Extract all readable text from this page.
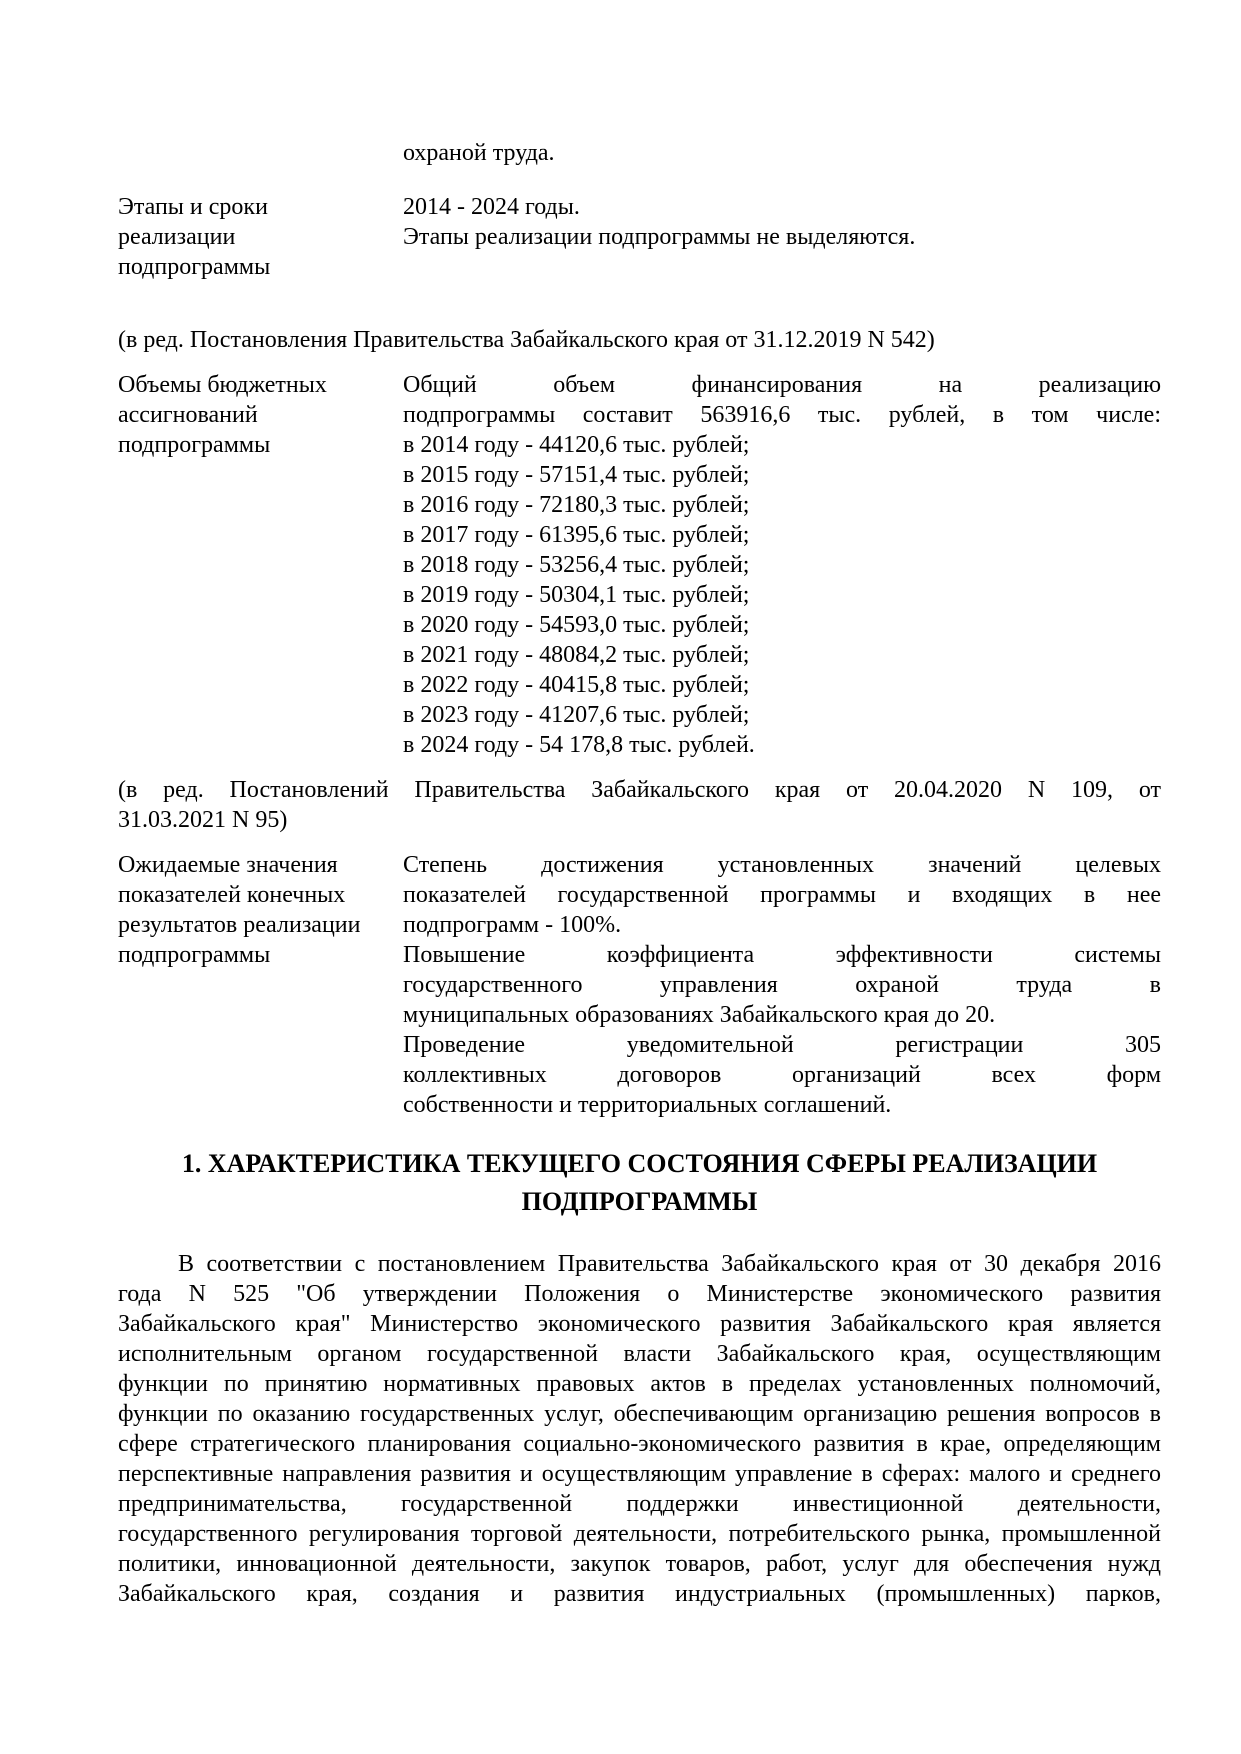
охраной труда.
Этапы и сроки реализации подпрограммы
2014 - 2024 годы.
Этапы реализации подпрограммы не выделяются.

(в ред. Постановления Правительства Забайкальского края от 31.12.2019 N 542)

Объемы бюджетных ассигнований подпрограммы
Общий объем финансирования на реализацию
подпрограммы составит 563916,6 тыс. рублей, в том числе:
в 2014 году - 44120,6 тыс. рублей;
в 2015 году - 57151,4 тыс. рублей;
в 2016 году - 72180,3 тыс. рублей;
в 2017 году - 61395,6 тыс. рублей;
в 2018 году - 53256,4 тыс. рублей;
в 2019 году - 50304,1 тыс. рублей;
в 2020 году - 54593,0 тыс. рублей;
в 2021 году - 48084,2 тыс. рублей;
в 2022 году - 40415,8 тыс. рублей;
в 2023 году - 41207,6 тыс. рублей;
в 2024 году - 54 178,8 тыс. рублей.
(в ред. Постановлений Правительства Забайкальского края от 20.04.2020 N 109, от
31.03.2021 N 95)
Ожидаемые значения показателей конечных результатов реализации подпрограммы
Степень достижения установленных значений целевых
показателей государственной программы и входящих в нее
подпрограмм - 100%.
Повышение коэффициента эффективности системы
государственного управления охраной труда в
муниципальных образованиях Забайкальского края до 20.
Проведение уведомительной регистрации 305
коллективных договоров организаций всех форм
собственности и территориальных соглашений.
1. ХАРАКТЕРИСТИКА ТЕКУЩЕГО СОСТОЯНИЯ СФЕРЫ РЕАЛИЗАЦИИ ПОДПРОГРАММЫ
В соответствии с постановлением Правительства Забайкальского края от 30 декабря 2016
года N 525 "Об утверждении Положения о Министерстве экономического развития
Забайкальского края" Министерство экономического развития Забайкальского края является
исполнительным органом государственной власти Забайкальского края, осуществляющим
функции по принятию нормативных правовых актов в пределах установленных полномочий,
функции по оказанию государственных услуг, обеспечивающим организацию решения вопросов в
сфере стратегического планирования социально-экономического развития в крае, определяющим
перспективные направления развития и осуществляющим управление в сферах: малого и среднего
предпринимательства, государственной поддержки инвестиционной деятельности,
государственного регулирования торговой деятельности, потребительского рынка, промышленной
политики, инновационной деятельности, закупок товаров, работ, услуг для обеспечения нужд
Забайкальского края, создания и развития индустриальных (промышленных) парков,
